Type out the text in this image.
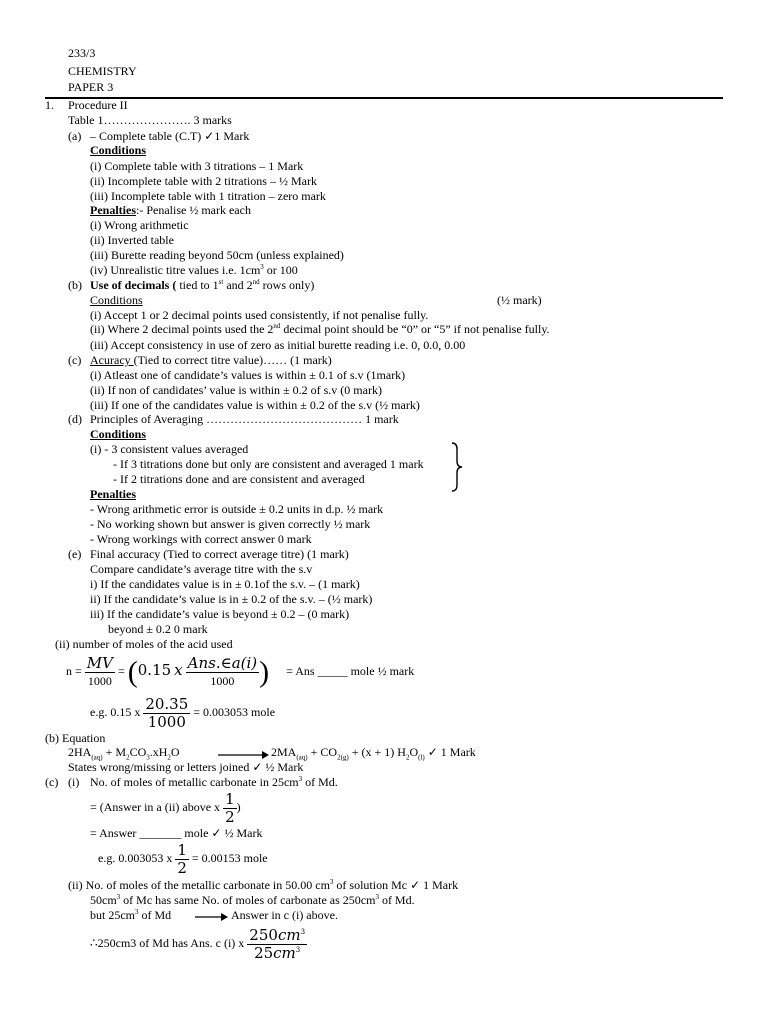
233/3
CHEMISTRY
PAPER 3
1. Procedure II
Table 1…………………. 3 marks
(a) – Complete table (C.T) ✓1 Mark
Conditions
(i) Complete table with 3 titrations – 1 Mark
(ii) Incomplete table with 2 titrations – ½ Mark
(iii) Incomplete table with 1 titration – zero mark
Penalties:- Penalise ½ mark each
(i) Wrong arithmetic
(ii) Inverted table
(iii) Burette reading beyond 50cm (unless explained)
(iv) Unrealistic titre values i.e. $1cm^3$ or 100
(b) Use of decimals ( tied to 1st and 2nd rows only)
Conditions	(½ mark)
(i) Accept 1 or 2 decimal points used consistently, if not penalise fully.
(ii) Where 2 decimal points used the 2nd decimal point should be “0” or “5” if not penalise fully.
(iii) Accept consistency in use of zero as initial burette reading i.e. 0, 0.0, 0.00
(c) Acuracy (Tied to correct titre value)…… (1 mark)
(i) Atleast one of candidate’s values is within ± 0.1 of s.v (1mark)
(ii) If non of candidates’ value is within ± 0.2 of s.v (0 mark)
(iii) If one of the candidates value is within ± 0.2 of the s.v (½ mark)
(d) Principles of Averaging ………………………………… 1 mark
Conditions
(i) - 3 consistent values averaged
- If 3 titrations done but only are consistent and averaged 1 mark
- If 2 titrations done and are consistent and averaged
Penalties
- Wrong arithmetic error is outside ± 0.2 units in d.p. ½ mark
- No working shown but answer is given correctly ½ mark
- Wrong workings with correct answer 0 mark
(e) Final accuracy (Tied to correct average titre) (1 mark)
Compare candidate’s average titre with the s.v
i) If the candidates value is in ± 0.1of the s.v. – (1 mark)
ii) If the candidate’s value is in ± 0.2 of the s.v. – (½ mark)
iii) If the candidate’s value is beyond ± 0.2 – (0 mark)
beyond ± 0.2 0 mark
(ii) number of moles of the acid used
$n = \frac{MV}{1000} = (0.15$ x $\frac{\text{Ans.∈a(i)}}{1000}$ ) = Ans _____ mole ½ mark
e.g. 0.15 x $\frac{20.35}{1000} = 0.003053$ mole
(b) Equation
$2HA_{(aq)} + M_2CO_3.xH_2O$	$2MA_{(aq)} + CO_{2(g)} + (x + 1)$ $H_2O_{(l)}$ ✓ 1 Mark
States wrong/missing or letters joined ✓ ½ Mark
(c) (i) No. of moles of metallic carbonate in $25cm^3$ of Md.
= (Answer in a (ii) above x $\frac{1}{2}$ )
= Answer _______ mole ✓ ½ Mark
e.g. 0.003053 x $\frac{1}{2} = 0.00153$ mole
(ii) No. of moles of the metallic carbonate in 50.00 $cm^3$ of solution Mc ✓ 1 Mark
$50cm^3$ of Mc has same No. of moles of carbonate as $250cm^3$ of Md.
but $25cm^3$ of Md	Answer in c (i) above.
∴250cm3 of Md has Ans. c (i) x $\frac{250cm^3}{25cm^3}$
